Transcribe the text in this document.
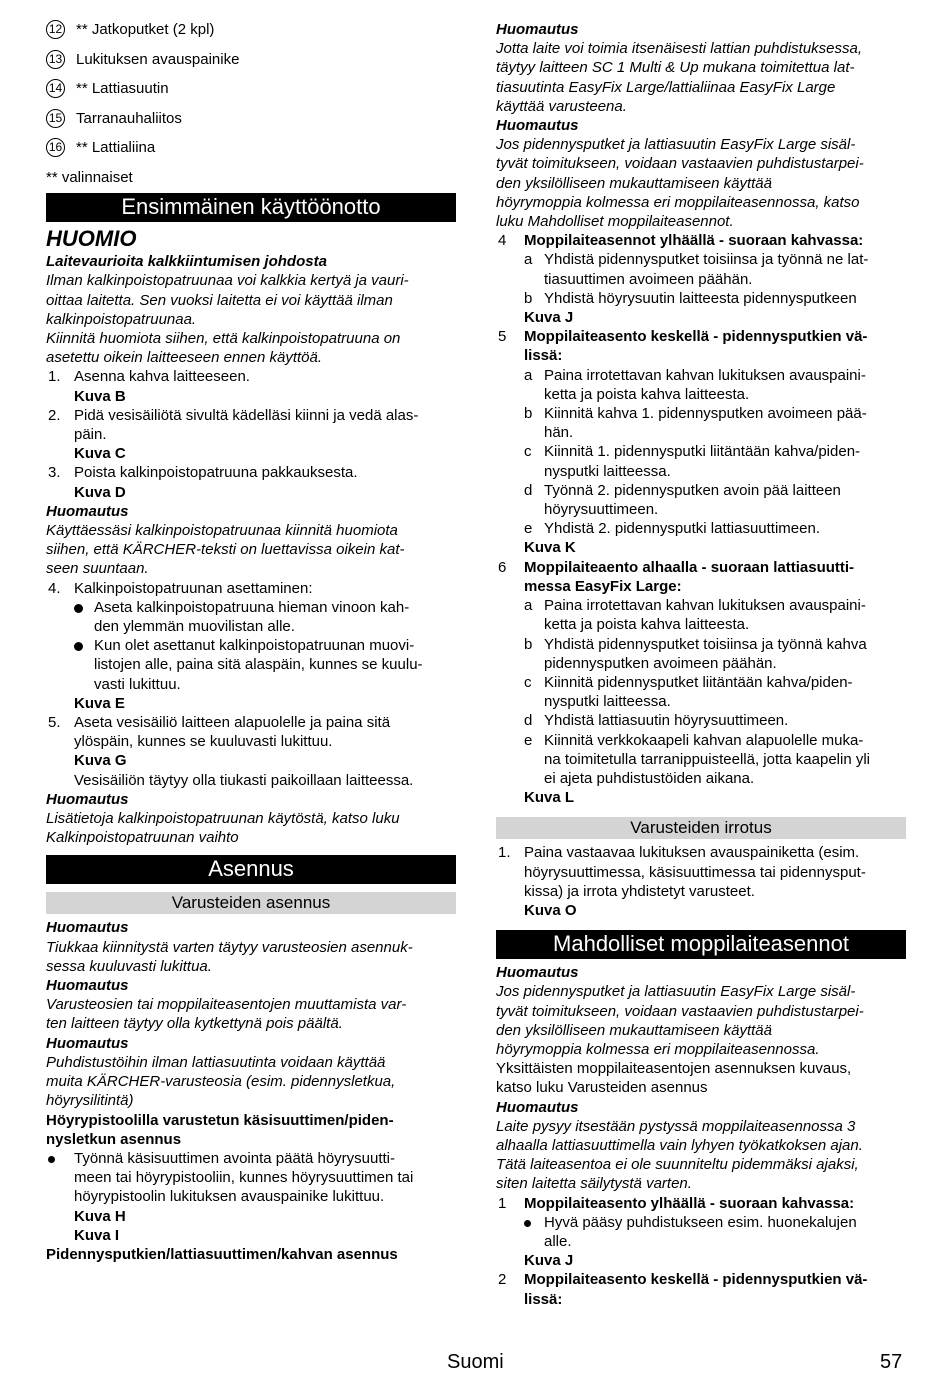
12 ** Jatkoputket (2 kpl)
13 Lukituksen avauspainike
14 ** Lattiasuutin
15 Tarranauhaliitos
16 ** Lattialiina

** valinnaiset

Ensimmäinen käyttöönotto

HUOMIO

Laitevaurioita kalkkiintumisen johdosta

Ilman kalkinpoistopatruunaa voi kalkkia kertyä ja vauri-
oittaa laitetta. Sen vuoksi laitetta ei voi käyttää ilman
kalkinpoistopatruunaa.
Kiinnitä huomiota siihen, että kalkinpoistopatruuna on
asetettu oikein laitteeseen ennen käyttöä.

1. Asenna kahva laitteeseen.

Kuva B

2. Pidä vesisäiliötä sivultä kädelläsi kiinni ja vedä alas-
päin.

Kuva C

3. Poista kalkinpoistopatruuna pakkauksesta.

Kuva D

Huomautus

Käyttäessäsi kalkinpoistopatruunaa kiinnitä huomiota
siihen, että KÄRCHER-teksti on luettavissa oikein kat-
seen suuntaan.

4. Kalkinpoistopatruunan asettaminen:
Aseta kalkinpoistopatruuna hieman vinoon kah-
den ylemmän muovilistan alle.
Kun olet asettanut kalkinpoistopatruunan muovi-
listojen alle, paina sitä alaspäin, kunnes se kuulu-
vasti lukittuu.

Kuva E

5. Aseta vesisäiliö laitteen alapuolelle ja paina sitä
ylöspäin, kunnes se kuuluvasti lukittuu.

Kuva G

Vesisäiliön täytyy olla tiukasti paikoillaan laitteessa.

Huomautus

Lisätietoja kalkinpoistopatruunan käytöstä, katso luku
Kalkinpoistopatruunan vaihto

Asennus
Varusteiden asennus

Huomautus

Tiukkaa kiinnitystä varten täytyy varusteosien asennuk-
sessa kuuluvasti lukittua.

Huomautus

Varusteosien tai moppilaiteasentojen muuttamista var-
ten laitteen täytyy olla kytkettynä pois päältä.

Huomautus

Puhdistustöihin ilman lattiasuutinta voidaan käyttää
muita KÄRCHER-varusteosia (esim. pidennysletkua,
höyrysilitintä)

Höyrypistoolilla varustetun käsisuuttimen/piden-
nysletkun asennus

Työnnä käsisuuttimen avointa päätä höyrysuutti-
meen tai höyrypistooliin, kunnes höyrysuuttimen tai
höyrypistoolin lukituksen avauspainike lukittuu.

Kuva H

Kuva I

Pidennysputkien/lattiasuuttimen/kahvan asennus

Huomautus

Jotta laite voi toimia itsenäisesti lattian puhdistuksessa,
täytyy laitteen SC 1 Multi & Up mukana toimitettua lat-
tiasuutinta EasyFix Large/lattialiinaa EasyFix Large
käyttää varusteena.

Huomautus

Jos pidennysputket ja lattiasuutin EasyFix Large sisäl-
tyvät toimitukseen, voidaan vastaavien puhdistustarpei-
den yksilölliseen mukauttamiseen käyttää
höyrymoppia kolmessa eri moppilaiteasennossa, katso
luku Mahdolliset moppilaiteasennot.

4 Moppilaiteasennot ylhäällä - suoraan kahvassa:
a Yhdistä pidennysputket toisiinsa ja työnnä ne lat-
tiasuuttimen avoimeen päähän.
b Yhdistä höyrysuutin laitteesta pidennysputkeen

Kuva J

5 Moppilaiteasento keskellä - pidennysputkien vä-
lissä:
a Paina irrotettavan kahvan lukituksen avauspaini-
ketta ja poista kahva laitteesta.
b Kiinnitä kahva 1. pidennysputken avoimeen pää-
hän.
c Kiinnitä 1. pidennysputki liitäntään kahva/piden-
nysputki laitteessa.
d Työnnä 2. pidennysputken avoin pää laitteen
höyrysuuttimeen.
e Yhdistä 2. pidennysputki lattiasuuttimeen.

Kuva K

6 Moppilaiteaento alhaalla - suoraan lattiasuutti-
messa EasyFix Large:
a Paina irrotettavan kahvan lukituksen avauspaini-
ketta ja poista kahva laitteesta.
b Yhdistä pidennysputket toisiinsa ja työnnä kahva
pidennysputken avoimeen päähän.
c Kiinnitä pidennysputket liitäntään kahva/piden-
nysputki laitteessa.
d Yhdistä lattiasuutin höyrysuuttimeen.
e Kiinnitä verkkokaapeli kahvan alapuolelle muka-
na toimitetulla tarranippuisteellä, jotta kaapelin yli
ei ajeta puhdistustöiden aikana.

Kuva L

Varusteiden irrotus
1. Paina vastaavaa lukituksen avauspainiketta (esim.
höyrysuuttimessa, käsisuuttimessa tai pidennysput-
kissa) ja irrota yhdistetyt varusteet.

Kuva O

Mahdolliset moppilaiteasennot

Huomautus

Jos pidennysputket ja lattiasuutin EasyFix Large sisäl-
tyvät toimitukseen, voidaan vastaavien puhdistustarpei-
den yksilölliseen mukauttamiseen käyttää
höyrymoppia kolmessa eri moppilaiteasennossa.
Yksittäisten moppilaiteasentojen asennuksen kuvaus,
katso luku Varusteiden asennus

Huomautus

Laite pysyy itsestään pystyssä moppilaiteasennossa 3
alhaalla lattiasuuttimella vain lyhyen työkatkoksen ajan.
Tätä laiteasentoa ei ole suunniteltu pidemmäksi ajaksi,
siten laitetta säilytystä varten.

1 Moppilaiteasento ylhäällä - suoraan kahvassa:
Hyvä pääsy puhdistukseen esim. huonekalujen
alle.

Kuva J

2 Moppilaiteasento keskellä - pidennysputkien vä-
lissä:
Suomi	57
